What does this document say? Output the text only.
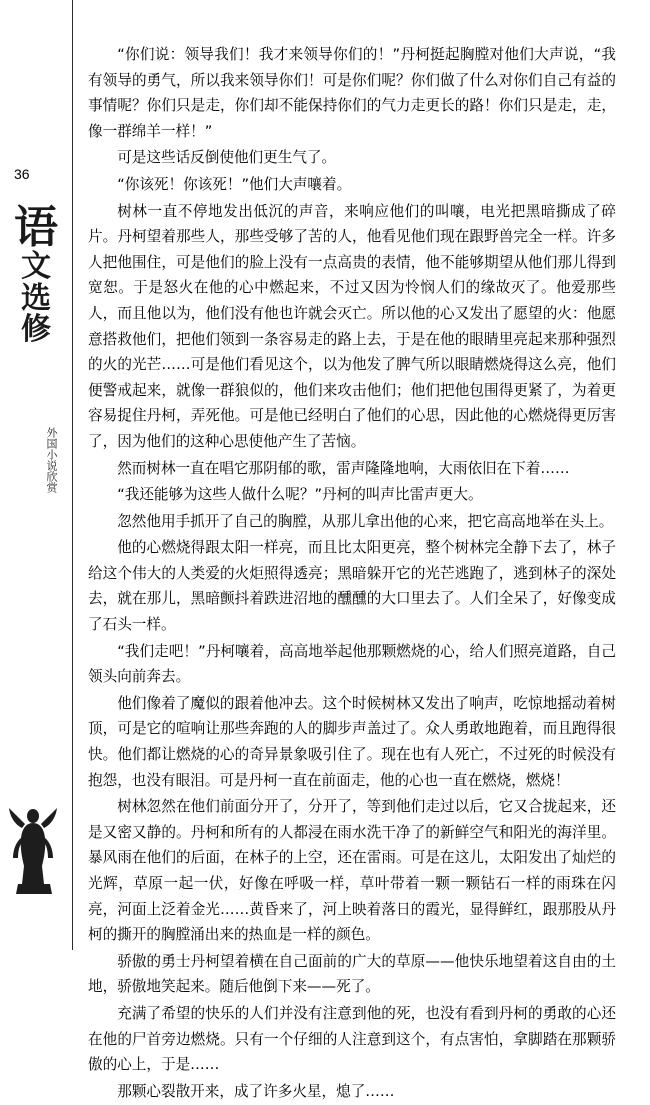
36
语
文
选
修
外国小说欣赏

“你们说：领导我们！我才来领导你们的！”丹柯挺起胸膛对他们大声说，“我有领导的勇气，所以我来领导你们！可是你们呢？你们做了什么对你们自己有益的事情呢？你们只是走，你们却不能保持你们的气力走更长的路！你们只是走，走，像一群绵羊一样！”

可是这些话反倒使他们更生气了。

“你该死！你该死！”他们大声嚷着。

树林一直不停地发出低沉的声音，来响应他们的叫嚷，电光把黑暗撕成了碎片。丹柯望着那些人，那些受够了苦的人，他看见他们现在跟野兽完全一样。许多人把他围住，可是他们的脸上没有一点高贵的表情，他不能够期望从他们那儿得到宽恕。于是怒火在他的心中燃起来，不过又因为怜悯人们的缘故灭了。他爱那些人，而且他以为，他们没有他也许就会灭亡。所以他的心又发出了愿望的火：他愿意搭救他们，把他们领到一条容易走的路上去，于是在他的眼睛里亮起来那种强烈的火的光芒……可是他们看见这个，以为他发了脾气所以眼睛燃烧得这么亮，他们便警戒起来，就像一群狼似的，他们来攻击他们；他们把他包围得更紧了，为着更容易捉住丹柯，弄死他。可是他已经明白了他们的心思，因此他的心燃烧得更厉害了，因为他们的这种心思使他产生了苦恼。

然而树林一直在唱它那阴郁的歌，雷声隆隆地响，大雨依旧在下着……

“我还能够为这些人做什么呢？”丹柯的叫声比雷声更大。

忽然他用手抓开了自己的胸膛，从那儿拿出他的心来，把它高高地举在头上。

他的心燃烧得跟太阳一样亮，而且比太阳更亮，整个树林完全静下去了，林子给这个伟大的人类爱的火炬照得透亮；黑暗躲开它的光芒逃跑了，逃到林子的深处去，就在那儿，黑暗颤抖着跌进沼地的醺醺的大口里去了。人们全呆了，好像变成了石头一样。

“我们走吧！”丹柯嚷着，高高地举起他那颗燃烧的心，给人们照亮道路，自己领头向前奔去。

他们像着了魔似的跟着他冲去。这个时候树林又发出了响声，吃惊地摇动着树顶，可是它的喧响让那些奔跑的人的脚步声盖过了。众人勇敢地跑着，而且跑得很快。他们都让燃烧的心的奇异景象吸引住了。现在也有人死亡，不过死的时候没有抱怨，也没有眼泪。可是丹柯一直在前面走，他的心也一直在燃烧，燃烧！

树林忽然在他们前面分开了，分开了，等到他们走过以后，它又合拢起来，还是又密又静的。丹柯和所有的人都浸在雨水洗干净了的新鲜空气和阳光的海洋里。暴风雨在他们的后面，在林子的上空，还在雷雨。可是在这儿，太阳发出了灿烂的光辉，草原一起一伏，好像在呼吸一样，草叶带着一颗一颗钻石一样的雨珠在闪亮，河面上泛着金光……黄昏来了，河上映着落日的霞光，显得鲜红，跟那股从丹柯的撕开的胸膛涌出来的热血是一样的颜色。

骄傲的勇士丹柯望着横在自己面前的广大的草原——他快乐地望着这自由的土地，骄傲地笑起来。随后他倒下来——死了。

充满了希望的快乐的人们并没有注意到他的死，也没有看到丹柯的勇敢的心还在他的尸首旁边燃烧。只有一个仔细的人注意到这个，有点害怕，拿脚踏在那颗骄傲的心上，于是……

那颗心裂散开来，成了许多火星，熄了……
